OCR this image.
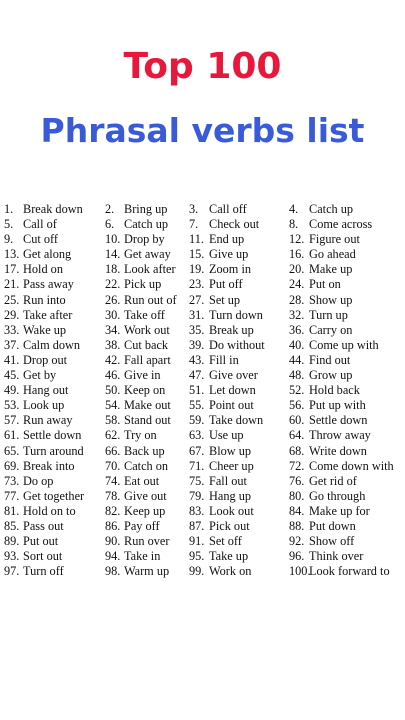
Top 100
Phrasal verbs list
1. Break down
5. Call of
9. Cut off
13. Get along
17. Hold on
21. Pass away
25. Run into
29. Take after
33. Wake up
37. Calm down
41. Drop out
45. Get by
49. Hang out
53. Look up
57. Run away
61. Settle down
65. Turn around
69. Break into
73. Do op
77. Get together
81. Hold on to
85. Pass out
89. Put out
93. Sort out
97. Turn off
2. Bring up
6. Catch up
10. Drop by
14. Get away
18. Look after
22. Pick up
26. Run out of
30. Take off
34. Work out
38. Cut back
42. Fall apart
46. Give in
50. Keep on
54. Make out
58. Stand out
62. Try on
66. Back up
70. Catch on
74. Eat out
78. Give out
82. Keep up
86. Pay off
90. Run over
94. Take in
98. Warm up
3. Call off
7. Check out
11. End up
15. Give up
19. Zoom in
23. Put off
27. Set up
31. Turn down
35. Break up
39. Do without
43. Fill in
47. Give over
51. Let down
55. Point out
59. Take down
63. Use up
67. Blow up
71. Cheer up
75. Fall out
79. Hang up
83. Look out
87. Pick out
91. Set off
95. Take up
99. Work on
4. Catch up
8. Come across
12. Figure out
16. Go ahead
20. Make up
24. Put on
28. Show up
32. Turn up
36. Carry on
40. Come up with
44. Find out
48. Grow up
52. Hold back
56. Put up with
60. Settle down
64. Throw away
68. Write down
72. Come down with
76. Get rid of
80. Go through
84. Make up for
88. Put down
92. Show off
96. Think over
100.Look forward to
